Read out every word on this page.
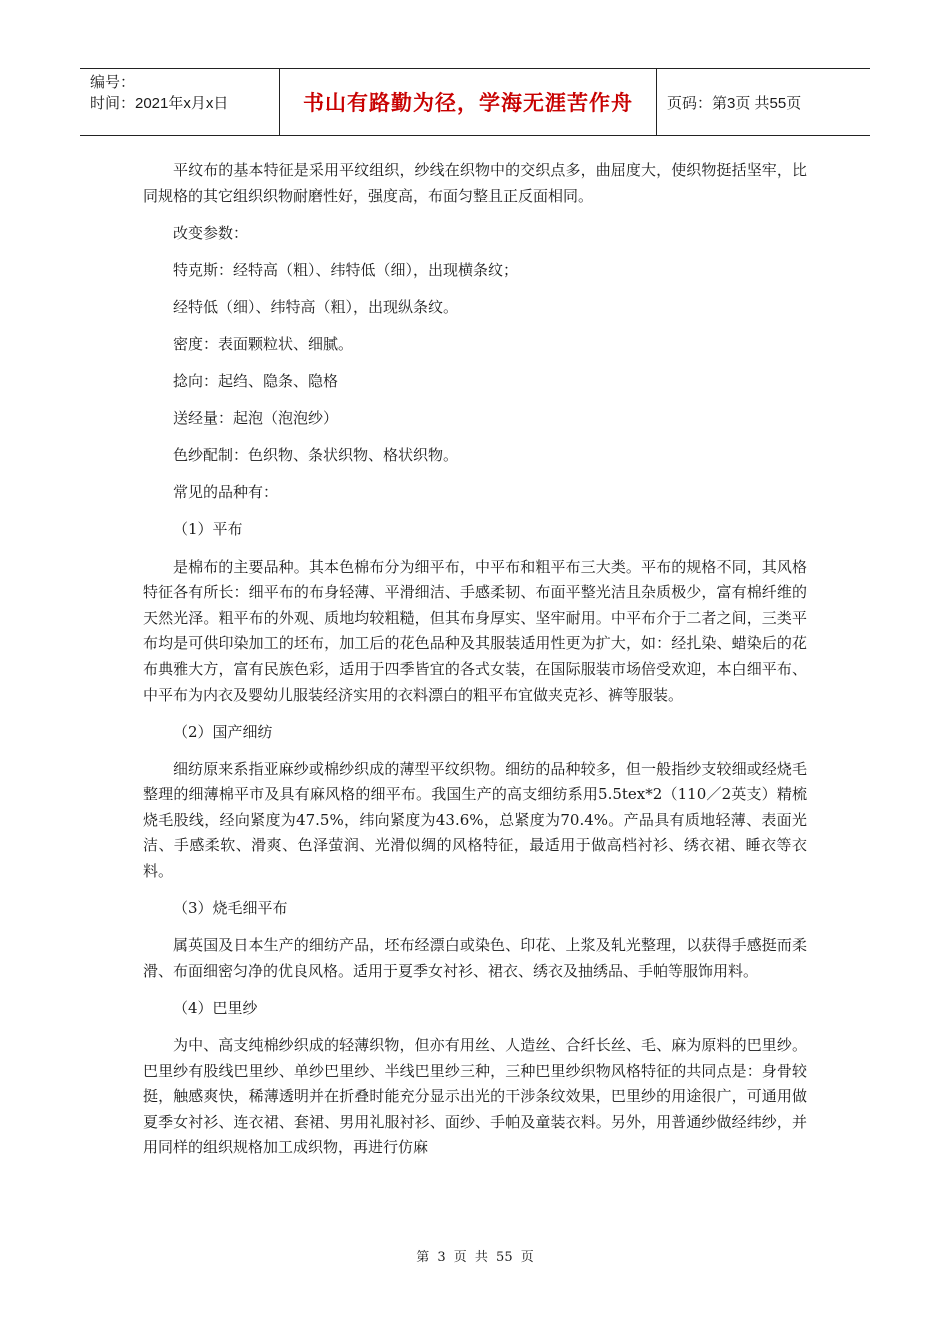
编号：
时间：2021年x月x日	书山有路勤为径，学海无涯苦作舟	页码：第3页 共55页

平纹布的基本特征是采用平纹组织，纱线在织物中的交织点多，曲屈度大，使织物挺括坚牢，比同规格的其它组织织物耐磨性好，强度高，布面匀整且正反面相同。

改变参数：

特克斯：经特高（粗）、纬特低（细），出现横条纹；

经特低（细）、纬特高（粗），出现纵条纹。

密度：表面颗粒状、细腻。

捻向：起绉、隐条、隐格

送经量：起泡（泡泡纱）

色纱配制：色织物、条状织物、格状织物。

常见的品种有：

（1）平布

是棉布的主要品种。其本色棉布分为细平布，中平布和粗平布三大类。平布的规格不同，其风格特征各有所长：细平布的布身轻薄、平滑细洁、手感柔韧、布面平整光洁且杂质极少，富有棉纤维的天然光泽。粗平布的外观、质地均较粗糙，但其布身厚实、坚牢耐用。中平布介于二者之间，三类平布均是可供印染加工的坯布，加工后的花色品种及其服装适用性更为扩大，如：经扎染、蜡染后的花布典雅大方，富有民族色彩，适用于四季皆宜的各式女装，在国际服装市场倍受欢迎，本白细平布、中平布为内衣及婴幼儿服装经济实用的衣料漂白的粗平布宜做夹克衫、裤等服装。

（2）国产细纺

细纺原来系指亚麻纱或棉纱织成的薄型平纹织物。细纺的品种较多，但一般指纱支较细或经烧毛整理的细薄棉平市及具有麻风格的细平布。我国生产的高支细纺系用5.5tex*2（110／2英支）精梳烧毛股线，经向紧度为47.5%，纬向紧度为43.6%，总紧度为70.4%。产品具有质地轻薄、表面光洁、手感柔软、滑爽、色泽萤润、光滑似绸的风格特征，最适用于做高档衬衫、绣衣裙、睡衣等衣料。

（3）烧毛细平布

属英国及日本生产的细纺产品，坯布经漂白或染色、印花、上浆及轧光整理，以获得手感挺而柔滑、布面细密匀净的优良风格。适用于夏季女衬衫、裙衣、绣衣及抽绣品、手帕等服饰用料。

（4）巴里纱

为中、高支纯棉纱织成的轻薄织物，但亦有用丝、人造丝、合纤长丝、毛、麻为原料的巴里纱。巴里纱有股线巴里纱、单纱巴里纱、半线巴里纱三种，三种巴里纱织物风格特征的共同点是：身骨较挺，触感爽快，稀薄透明并在折叠时能充分显示出光的干涉条纹效果，巴里纱的用途很广，可通用做夏季女衬衫、连衣裙、套裙、男用礼服衬衫、面纱、手帕及童装衣料。另外，用普通纱做经纬纱，并用同样的组织规格加工成织物，再进行仿麻

第 3 页 共 55 页
